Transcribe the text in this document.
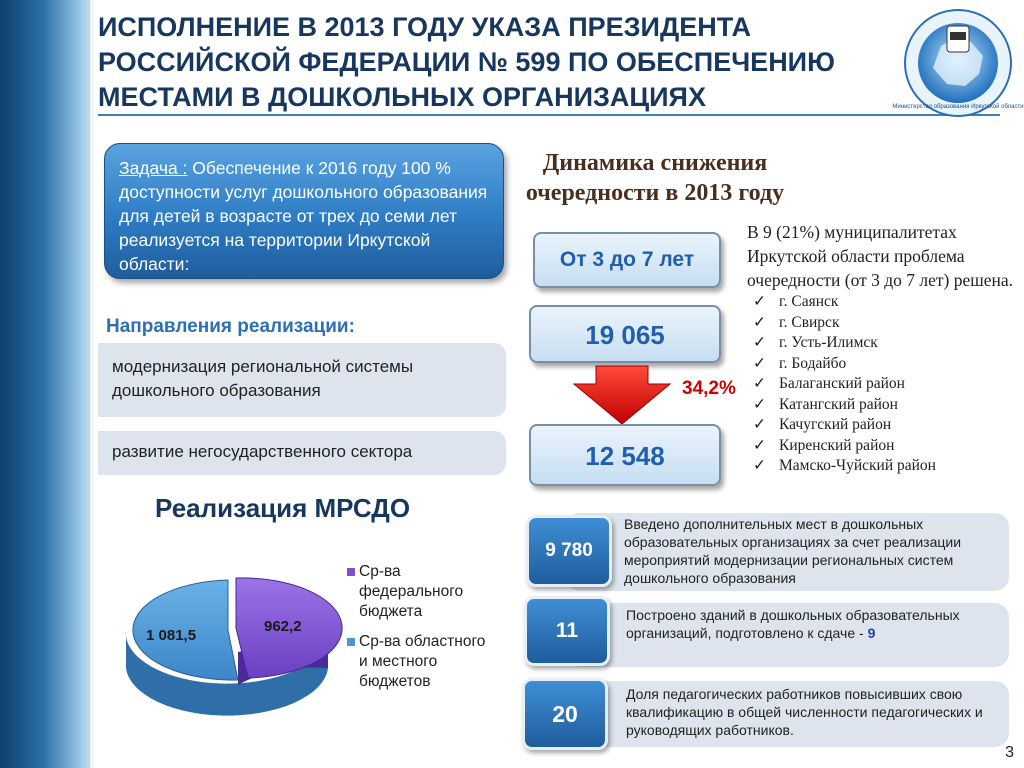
ИСПОЛНЕНИЕ В 2013 ГОДУ УКАЗА ПРЕЗИДЕНТА РОССИЙСКОЙ ФЕДЕРАЦИИ № 599 ПО ОБЕСПЕЧЕНИЮ МЕСТАМИ В ДОШКОЛЬНЫХ ОРГАНИЗАЦИЯХ	Министерство образования Иркутской области
Задача : Обеспечение к 2016 году 100 % доступности услуг дошкольного образования для детей в возрасте от трех до семи лет реализуется на территории Иркутской области:
Направления реализации:
модернизация региональной системы дошкольного образования
развитие негосударственного сектора
Реализация МРСДО
962,2
1 081,5
Ср-ва федерального бюджета
Ср-ва областного и местного бюджетов
Динамика снижения очередности в 2013 году
От 3 до 7 лет
19 065
34,2%
12 548
В 9 (21%) муниципалитетах Иркутской области проблема очередности (от 3 до 7 лет) решена.
✓ г. Саянск
✓ г. Свирск
✓ г. Усть-Илимск
✓ г. Бодайбо
✓ Балаганский район
✓ Катангский район
✓ Качугский район
✓ Киренский район
✓ Мамско-Чуйский район
Введено дополнительных мест в дошкольных образовательных организациях за счет реализации мероприятий модернизации региональных систем дошкольного образования
9 780
Построено зданий в дошкольных образовательных организаций, подготовлено к сдаче - 9
11
Доля педагогических работников повысивших свою квалификацию в общей численности педагогических и руководящих работников.
20
3
